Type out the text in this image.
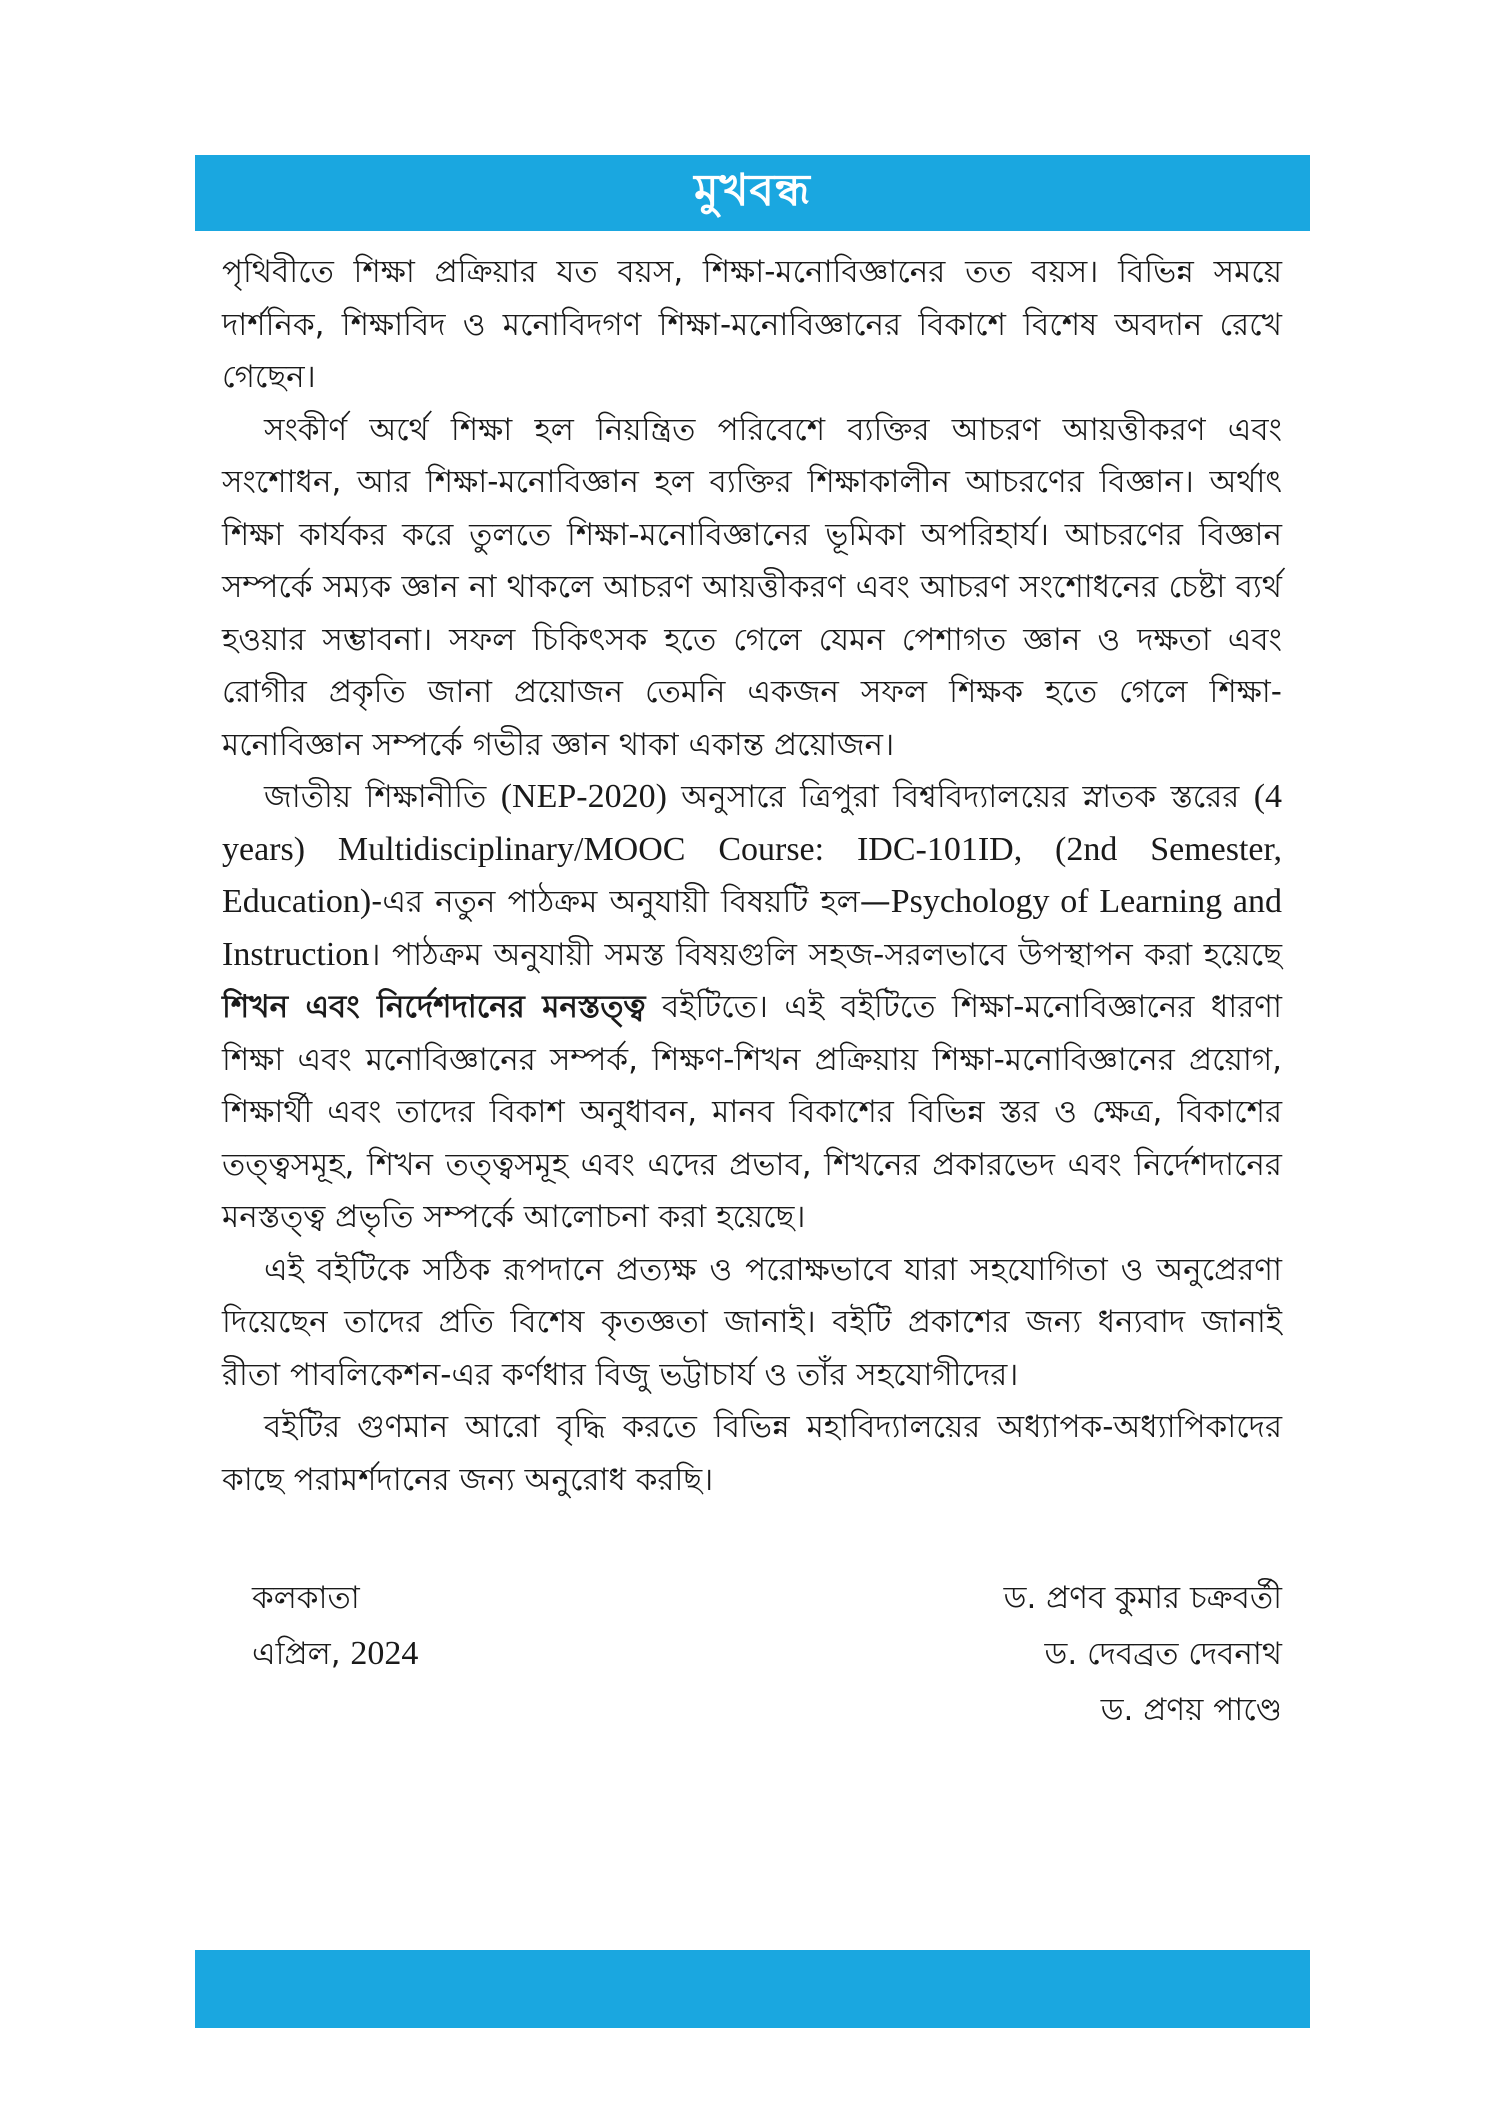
মুখবন্ধ

পৃথিবীতে শিক্ষা প্রক্রিয়ার যত বয়স, শিক্ষা-মনোবিজ্ঞানের তত বয়স। বিভিন্ন সময়ে দার্শনিক, শিক্ষাবিদ ও মনোবিদগণ শিক্ষা-মনোবিজ্ঞানের বিকাশে বিশেষ অবদান রেখে গেছেন।

সংকীর্ণ অর্থে শিক্ষা হল নিয়ন্ত্রিত পরিবেশে ব্যক্তির আচরণ আয়ত্তীকরণ এবং সংশোধন, আর শিক্ষা-মনোবিজ্ঞান হল ব্যক্তির শিক্ষাকালীন আচরণের বিজ্ঞান। অর্থাৎ শিক্ষা কার্যকর করে তুলতে শিক্ষা-মনোবিজ্ঞানের ভূমিকা অপরিহার্য। আচরণের বিজ্ঞান সম্পর্কে সম্যক জ্ঞান না থাকলে আচরণ আয়ত্তীকরণ এবং আচরণ সংশোধনের চেষ্টা ব্যর্থ হওয়ার সম্ভাবনা। সফল চিকিৎসক হতে গেলে যেমন পেশাগত জ্ঞান ও দক্ষতা এবং রোগীর প্রকৃতি জানা প্রয়োজন তেমনি একজন সফল শিক্ষক হতে গেলে শিক্ষা-মনোবিজ্ঞান সম্পর্কে গভীর জ্ঞান থাকা একান্ত প্রয়োজন।

জাতীয় শিক্ষানীতি (NEP-2020) অনুসারে ত্রিপুরা বিশ্ববিদ্যালয়ের স্নাতক স্তরের (4 years) Multidisciplinary/MOOC Course: IDC-101ID, (2nd Semester, Education)-এর নতুন পাঠক্রম অনুযায়ী বিষয়টি হল—Psychology of Learning and Instruction। পাঠক্রম অনুযায়ী সমস্ত বিষয়গুলি সহজ-সরলভাবে উপস্থাপন করা হয়েছে শিখন এবং নির্দেশদানের মনস্তত্ত্ব বইটিতে। এই বইটিতে শিক্ষা-মনোবিজ্ঞানের ধারণা শিক্ষা এবং মনোবিজ্ঞানের সম্পর্ক, শিক্ষণ-শিখন প্রক্রিয়ায় শিক্ষা-মনোবিজ্ঞানের প্রয়োগ, শিক্ষার্থী এবং তাদের বিকাশ অনুধাবন, মানব বিকাশের বিভিন্ন স্তর ও ক্ষেত্র, বিকাশের তত্ত্বসমূহ, শিখন তত্ত্বসমূহ এবং এদের প্রভাব, শিখনের প্রকারভেদ এবং নির্দেশদানের মনস্তত্ত্ব প্রভৃতি সম্পর্কে আলোচনা করা হয়েছে।

এই বইটিকে সঠিক রূপদানে প্রত্যক্ষ ও পরোক্ষভাবে যারা সহযোগিতা ও অনুপ্রেরণা দিয়েছেন তাদের প্রতি বিশেষ কৃতজ্ঞতা জানাই। বইটি প্রকাশের জন্য ধন্যবাদ জানাই রীতা পাবলিকেশন-এর কর্ণধার বিজু ভট্টাচার্য ও তাঁর সহযোগীদের।

বইটির গুণমান আরো বৃদ্ধি করতে বিভিন্ন মহাবিদ্যালয়ের অধ্যাপক-অধ্যাপিকাদের কাছে পরামর্শদানের জন্য অনুরোধ করছি।

কলকাতা
এপ্রিল, 2024
ড. প্রণব কুমার চক্রবর্তী
ড. দেবব্রত দেবনাথ
ড. প্রণয় পাণ্ডে
